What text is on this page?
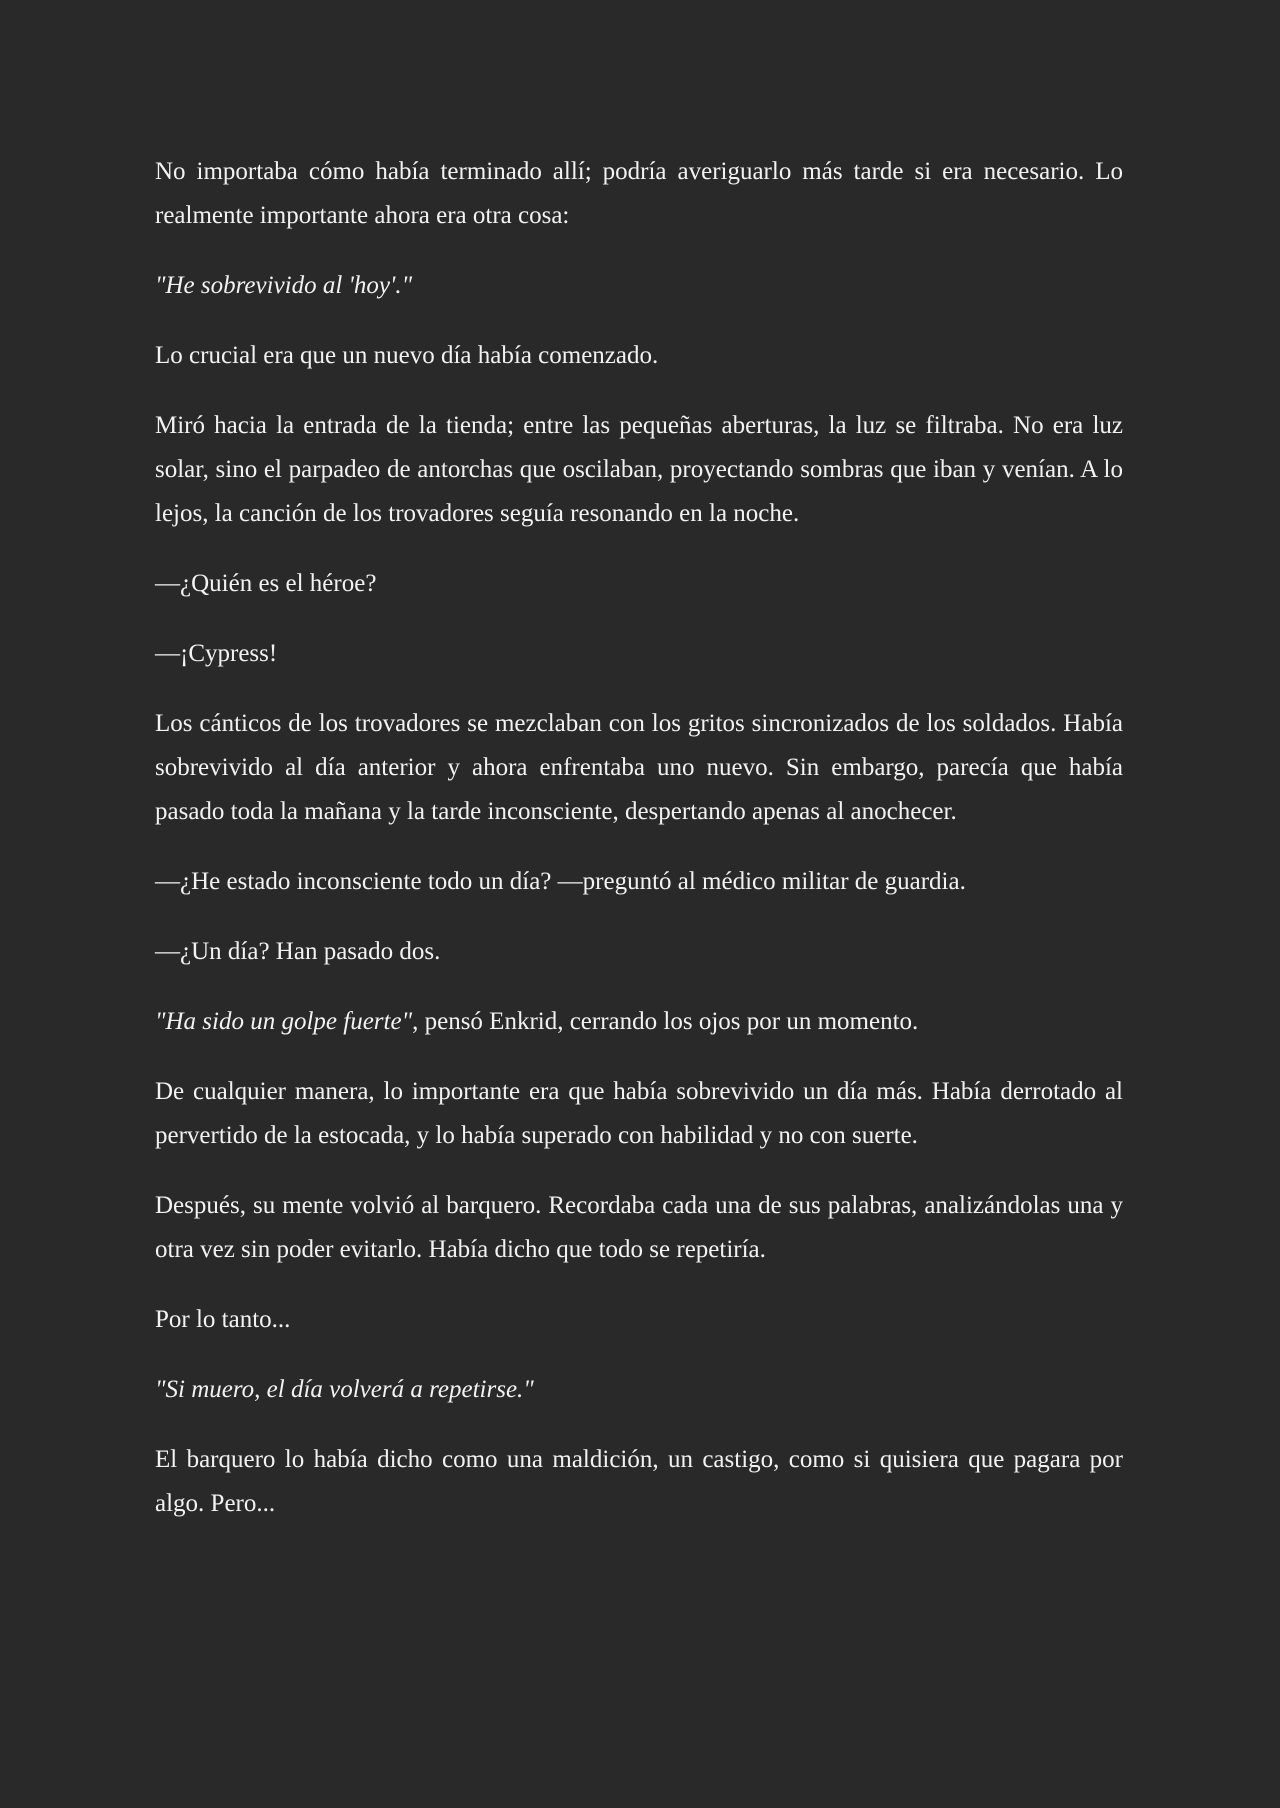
No importaba cómo había terminado allí; podría averiguarlo más tarde si era necesario. Lo realmente importante ahora era otra cosa:

"He sobrevivido al 'hoy'."

Lo crucial era que un nuevo día había comenzado.

Miró hacia la entrada de la tienda; entre las pequeñas aberturas, la luz se filtraba. No era luz solar, sino el parpadeo de antorchas que oscilaban, proyectando sombras que iban y venían. A lo lejos, la canción de los trovadores seguía resonando en la noche.

—¿Quién es el héroe?

—¡Cypress!

Los cánticos de los trovadores se mezclaban con los gritos sincronizados de los soldados. Había sobrevivido al día anterior y ahora enfrentaba uno nuevo. Sin embargo, parecía que había pasado toda la mañana y la tarde inconsciente, despertando apenas al anochecer.

—¿He estado inconsciente todo un día? —preguntó al médico militar de guardia.

—¿Un día? Han pasado dos.

"Ha sido un golpe fuerte", pensó Enkrid, cerrando los ojos por un momento.

De cualquier manera, lo importante era que había sobrevivido un día más. Había derrotado al pervertido de la estocada, y lo había superado con habilidad y no con suerte.

Después, su mente volvió al barquero. Recordaba cada una de sus palabras, analizándolas una y otra vez sin poder evitarlo. Había dicho que todo se repetiría.

Por lo tanto...

"Si muero, el día volverá a repetirse."

El barquero lo había dicho como una maldición, un castigo, como si quisiera que pagara por algo. Pero...
